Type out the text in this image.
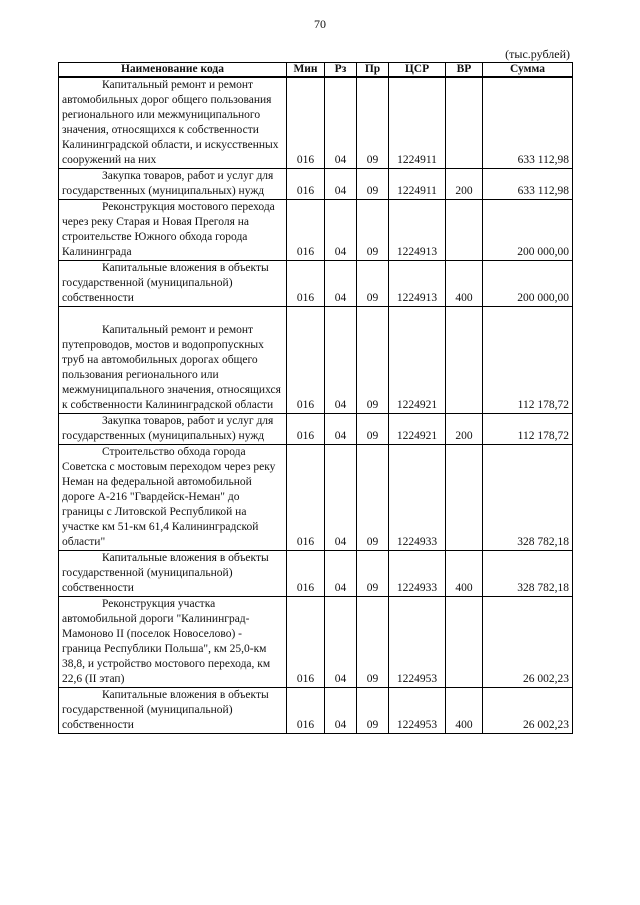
70
(тыс.рублей)
Наименование кода	Мин	Рз	Пр	ЦСР	ВР	Сумма

Капитальный ремонт и ремонт автомобильных дорог общего пользования регионального или межмуниципального значения, относящихся к собственности Калининградской области, и искусственных сооружений на них	016	04	09	1224911		633 112,98

Закупка товаров, работ и услуг для государственных (муниципальных) нужд	016	04	09	1224911	200	633 112,98

Реконструкция мостового перехода через реку Старая и Новая Преголя на строительстве Южного обхода города Калининграда	016	04	09	1224913		200 000,00

Капитальные вложения в объекты государственной (муниципальной) собственности	016	04	09	1224913	400	200 000,00

Капитальный ремонт и ремонт путепроводов, мостов и водопропускных труб на автомобильных дорогах общего пользования регионального или межмуниципального значения, относящихся к собственности Калининградской области	016	04	09	1224921		112 178,72

Закупка товаров, работ и услуг для государственных (муниципальных) нужд	016	04	09	1224921	200	112 178,72

Строительство обхода города Советска с мостовым переходом через реку Неман на федеральной автомобильной дороге А-216 "Гвардейск-Неман" до границы с Литовской Республикой на участке км 51-км 61,4 Калининградской области"	016	04	09	1224933		328 782,18

Капитальные вложения в объекты государственной (муниципальной) собственности	016	04	09	1224933	400	328 782,18

Реконструкция участка автомобильной дороги "Калининград-Мамоново II (поселок Новоселово) - граница Республики Польша", км 25,0-км 38,8, и устройство мостового перехода, км 22,6 (II этап)	016	04	09	1224953		26 002,23

Капитальные вложения в объекты государственной (муниципальной) собственности	016	04	09	1224953	400	26 002,23
